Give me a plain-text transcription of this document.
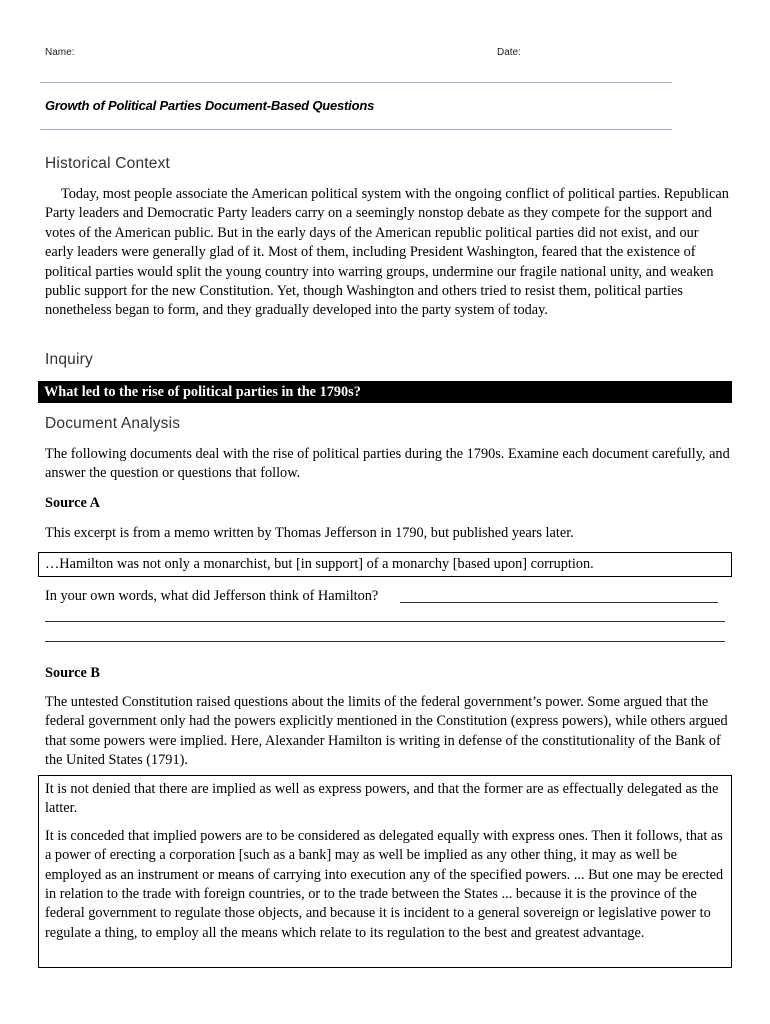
Name:	Date:
Growth of Political Parties Document-Based Questions
Historical Context
Today, most people associate the American political system with the ongoing conflict of political parties. Republican Party leaders and Democratic Party leaders carry on a seemingly nonstop debate as they compete for the support and votes of the American public. But in the early days of the American republic political parties did not exist, and our early leaders were generally glad of it. Most of them, including President Washington, feared that the existence of political parties would split the young country into warring groups, undermine our fragile national unity, and weaken public support for the new Constitution. Yet, though Washington and others tried to resist them, political parties nonetheless began to form, and they gradually developed into the party system of today.
Inquiry
What led to the rise of political parties in the 1790s?
Document Analysis
The following documents deal with the rise of political parties during the 1790s. Examine each document carefully, and answer the question or questions that follow.
Source A
This excerpt is from a memo written by Thomas Jefferson in 1790, but published years later.
…Hamilton was not only a monarchist, but [in support] of a monarchy [based upon] corruption.
In your own words, what did Jefferson think of Hamilton?
Source B
The untested Constitution raised questions about the limits of the federal government’s power. Some argued that the federal government only had the powers explicitly mentioned in the Constitution (express powers), while others argued that some powers were implied. Here, Alexander Hamilton is writing in defense of the constitutionality of the Bank of the United States (1791).
It is not denied that there are implied as well as express powers, and that the former are as effectually delegated as the latter.
It is conceded that implied powers are to be considered as delegated equally with express ones. Then it follows, that as a power of erecting a corporation [such as a bank] may as well be implied as any other thing, it may as well be employed as an instrument or means of carrying into execution any of the specified powers. ... But one may be erected in relation to the trade with foreign countries, or to the trade between the States ... because it is the province of the federal government to regulate those objects, and because it is incident to a general sovereign or legislative power to regulate a thing, to employ all the means which relate to its regulation to the best and greatest advantage.
